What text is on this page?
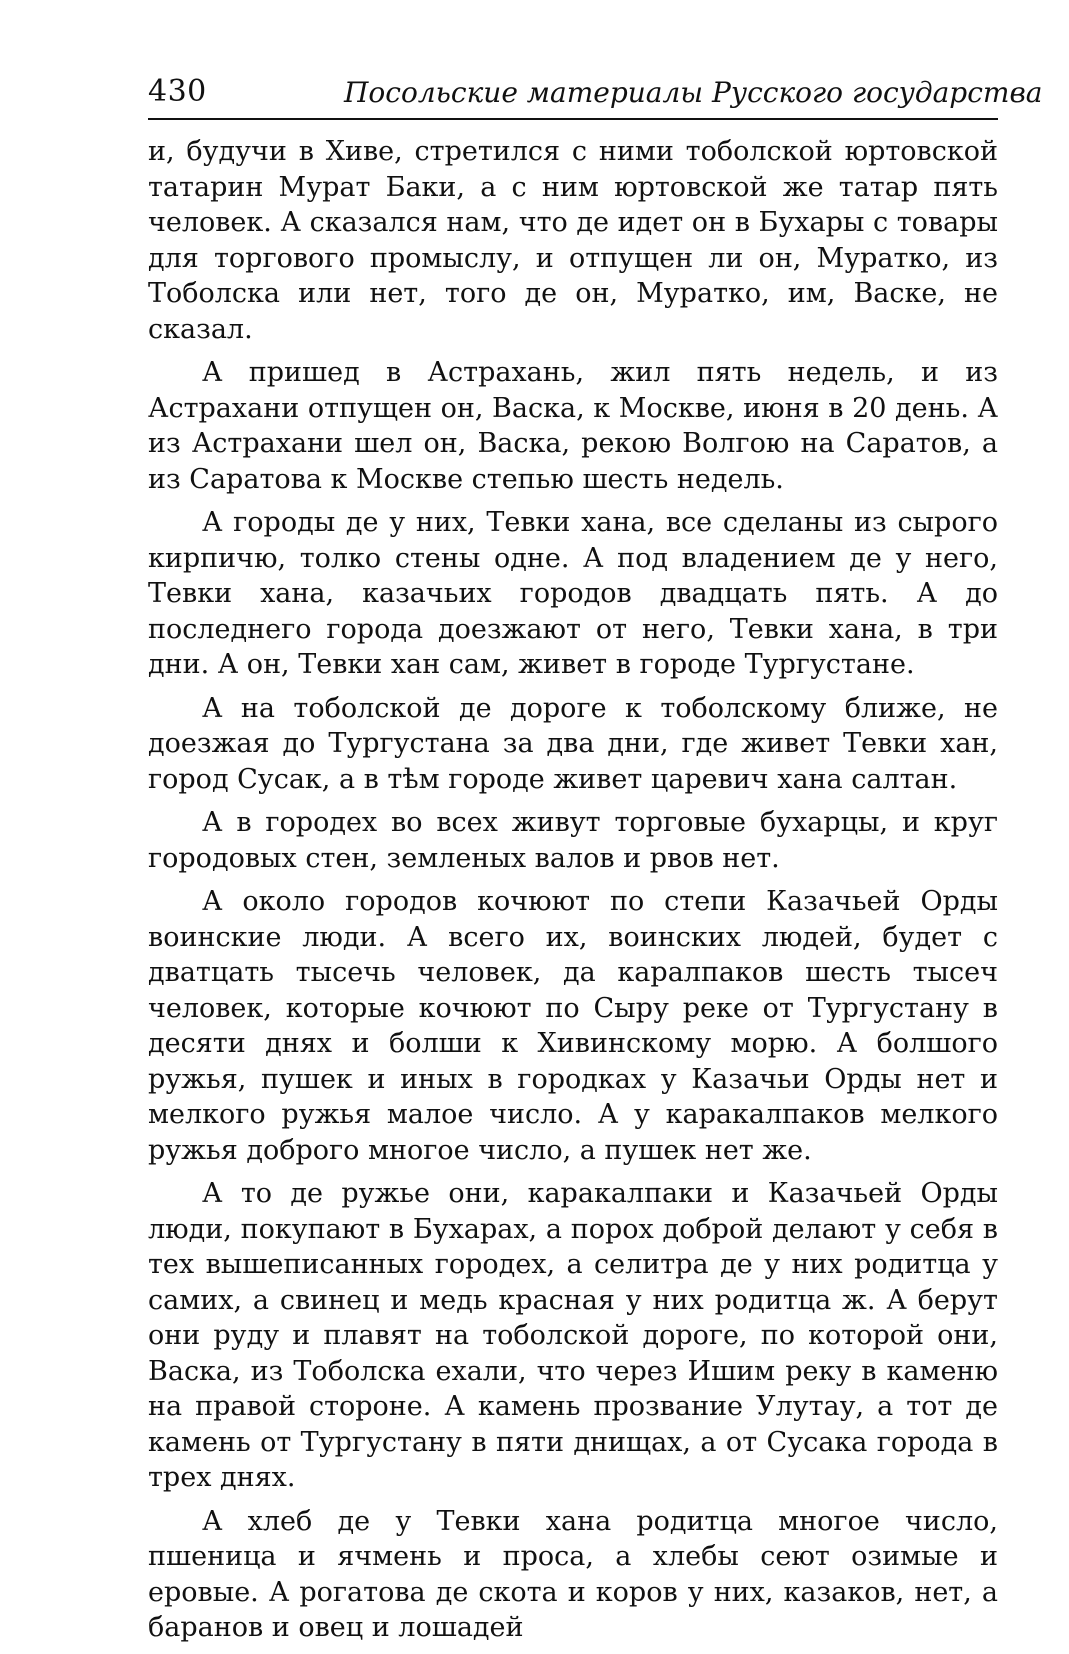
430	Посольские материалы Русского государства

и, будучи в Хиве, стретился с ними тоболской юртовской татарин Мурат Баки, а с ним юртовской же татар пять человек. А сказался нам, что де идет он в Бухары с товары для торгового промыслу, и отпущен ли он, Муратко, из Тоболска или нет, того де он, Муратко, им, Васке, не сказал.

А пришед в Астрахань, жил пять недель, и из Астрахани отпущен он, Васка, к Москве, июня в 20 день. А из Астрахани шел он, Васка, рекою Волгою на Саратов, а из Саратова к Москве степью шесть недель.

А городы де у них, Тевки хана, все сделаны из сырого кирпичю, толко стены одне. А под владением де у него, Тевки хана, казачьих городов двадцать пять. А до последнего города доезжают от него, Тевки хана, в три дни. А он, Тевки хан сам, живет в городе Тургустане.

А на тоболской де дороге к тоболскому ближе, не доезжая до Тургустана за два дни, где живет Тевки хан, город Сусак, а в тѣм городе живет царевич хана салтан.

А в городех во всех живут торговые бухарцы, и круг городовых стен, земленых валов и рвов нет.

А около городов кочюют по степи Казачьей Орды воинские люди. А всего их, воинских людей, будет с дватцать тысечь человек, да каралпаков шесть тысеч человек, которые кочюют по Сыру реке от Тургустану в десяти днях и болши к Хивинскому морю. А болшого ружья, пушек и иных в городках у Казачьи Орды нет и мелкого ружья малое число. А у каракалпаков мелкого ружья доброго многое число, а пушек нет же.

А то де ружье они, каракалпаки и Казачьей Орды люди, покупают в Бухарах, а порох доброй делают у себя в тех вышеписанных городех, а селитра де у них родитца у самих, а свинец и медь красная у них родитца ж. А берут они руду и плавят на тоболской дороге, по которой они, Васка, из Тоболска ехали, что через Ишим реку в каменю на правой стороне. А камень прозвание Улутау, а тот де камень от Тургустану в пяти днищах, а от Сусака города в трех днях.

А хлеб де у Тевки хана родитца многое число, пшеница и ячмень и проса, а хлебы сеют озимые и еровые. А рогатова де скота и коров у них, казаков, нет, а баранов и овец и лошадей
